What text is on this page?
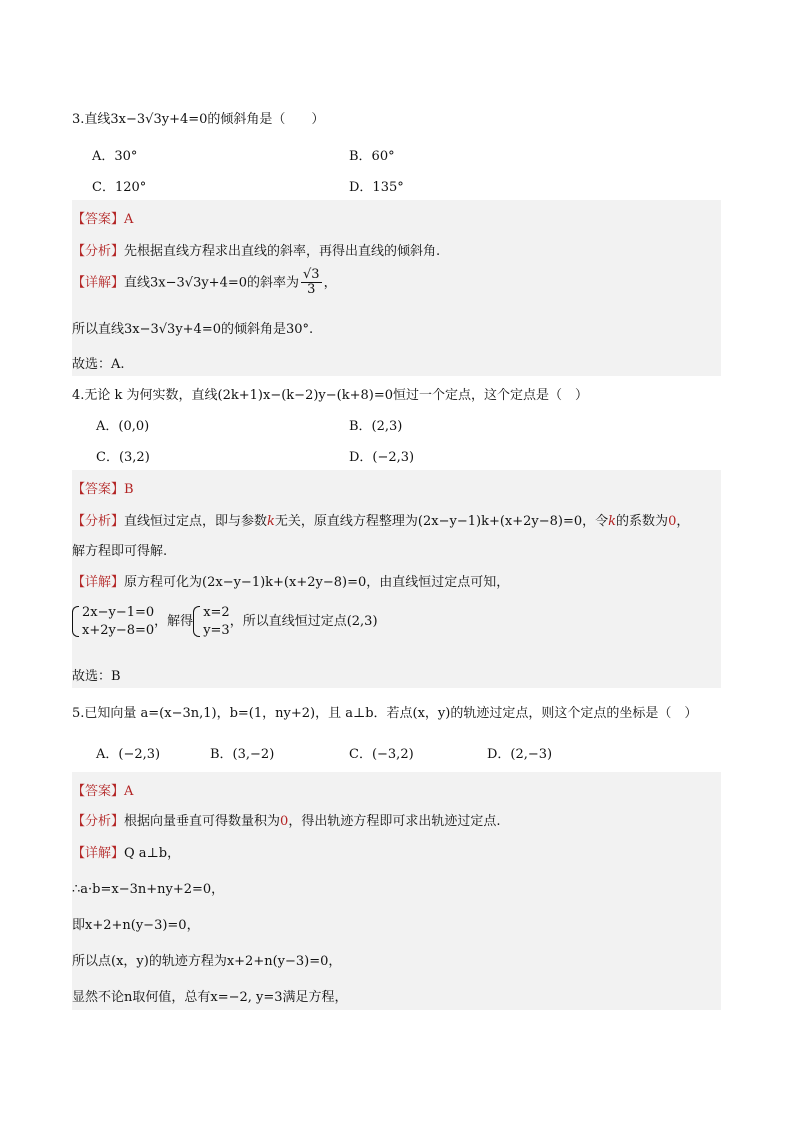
3.直线3x−3√3y+4=0的倾斜角是（　　）
A．30°	B．60°
C．120°	D．135°
【答案】A
【分析】先根据直线方程求出直线的斜率，再得出直线的倾斜角.
【详解】直线3x−3√3y+4=0的斜率为 $\frac{√3}{3}$ ，
所以直线3x−3√3y+4=0的倾斜角是30°.
故选：A.
4.无论 k 为何实数，直线(2k+1)x−(k−2)y−(k+8)=0恒过一个定点，这个定点是（　）
A．(0,0)	B．(2,3)
C．(3,2)	D．(−2,3)
【答案】B
【分析】直线恒过定点，即与参数k无关，原直线方程整理为(2x−y−1)k+(x+2y−8)=0，令k的系数为0，
解方程即可得解.
【详解】原方程可化为(2x−y−1)k+(x+2y−8)=0，由直线恒过定点可知，
2x−y−1=0
x+2y−8=0
，解得
x=2
y=3
，所以直线恒过定点(2,3)
故选：B
5.已知向量 a=(x−3n,1)，b=(1，ny+2)，且 a⊥b．若点(x，y)的轨迹过定点，则这个定点的坐标是（　）
A．(−2,3)	B．(3,−2)	C．(−3,2)	D．(2,−3)
【答案】A
【分析】根据向量垂直可得数量积为0，得出轨迹方程即可求出轨迹过定点.
【详解】Q a⊥b，
∴a·b=x−3n+ny+2=0，
即x+2+n(y−3)=0，
所以点(x，y)的轨迹方程为x+2+n(y−3)=0，
显然不论n取何值，总有x=−2, y=3满足方程，
